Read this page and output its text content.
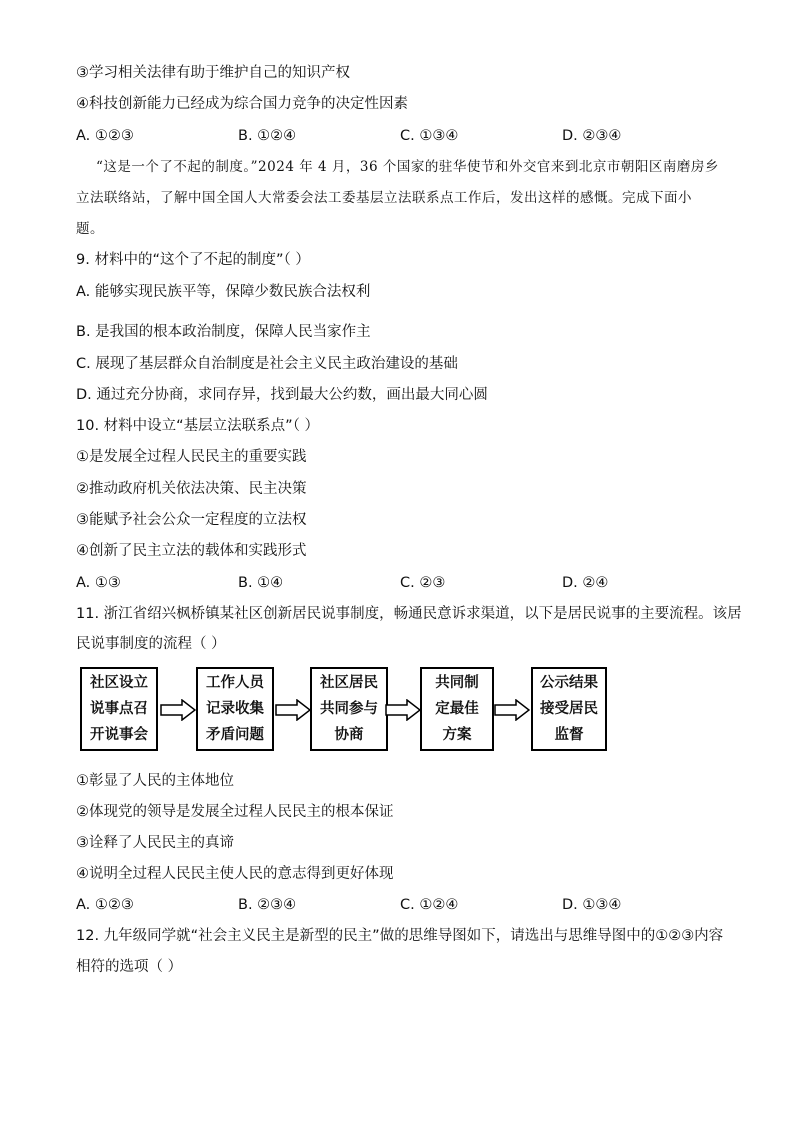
③学习相关法律有助于维护自己的知识产权
④科技创新能力已经成为综合国力竞争的决定性因素
A. ①②③	B. ①②④	C. ①③④	D. ②③④
“这是一个了不起的制度。”2024 年 4 月，36 个国家的驻华使节和外交官来到北京市朝阳区南磨房乡
立法联络站，了解中国全国人大常委会法工委基层立法联系点工作后，发出这样的感慨。完成下面小
题。
9. 材料中的“这个了不起的制度”（ ）
A. 能够实现民族平等，保障少数民族合法权利
B. 是我国的根本政治制度，保障人民当家作主
C. 展现了基层群众自治制度是社会主义民主政治建设的基础
D. 通过充分协商，求同存异，找到最大公约数，画出最大同心圆
10. 材料中设立“基层立法联系点”（ ）
①是发展全过程人民民主的重要实践
②推动政府机关依法决策、民主决策
③能赋予社会公众一定程度的立法权
④创新了民主立法的载体和实践形式
A. ①③	B. ①④	C. ②③	D. ②④
11. 浙江省绍兴枫桥镇某社区创新居民说事制度，畅通民意诉求渠道，以下是居民说事的主要流程。该居
民说事制度的流程（ ）
社区设立
说事点召
开说事会
工作人员
记录收集
矛盾问题
社区居民
共同参与
协商
共同制
定最佳
方案
公示结果
接受居民
监督
①彰显了人民的主体地位
②体现党的领导是发展全过程人民民主的根本保证
③诠释了人民民主的真谛
④说明全过程人民民主使人民的意志得到更好体现
A. ①②③	B. ②③④	C. ①②④	D. ①③④
12. 九年级同学就“社会主义民主是新型的民主”做的思维导图如下，请选出与思维导图中的①②③内容
相符的选项（ ）
